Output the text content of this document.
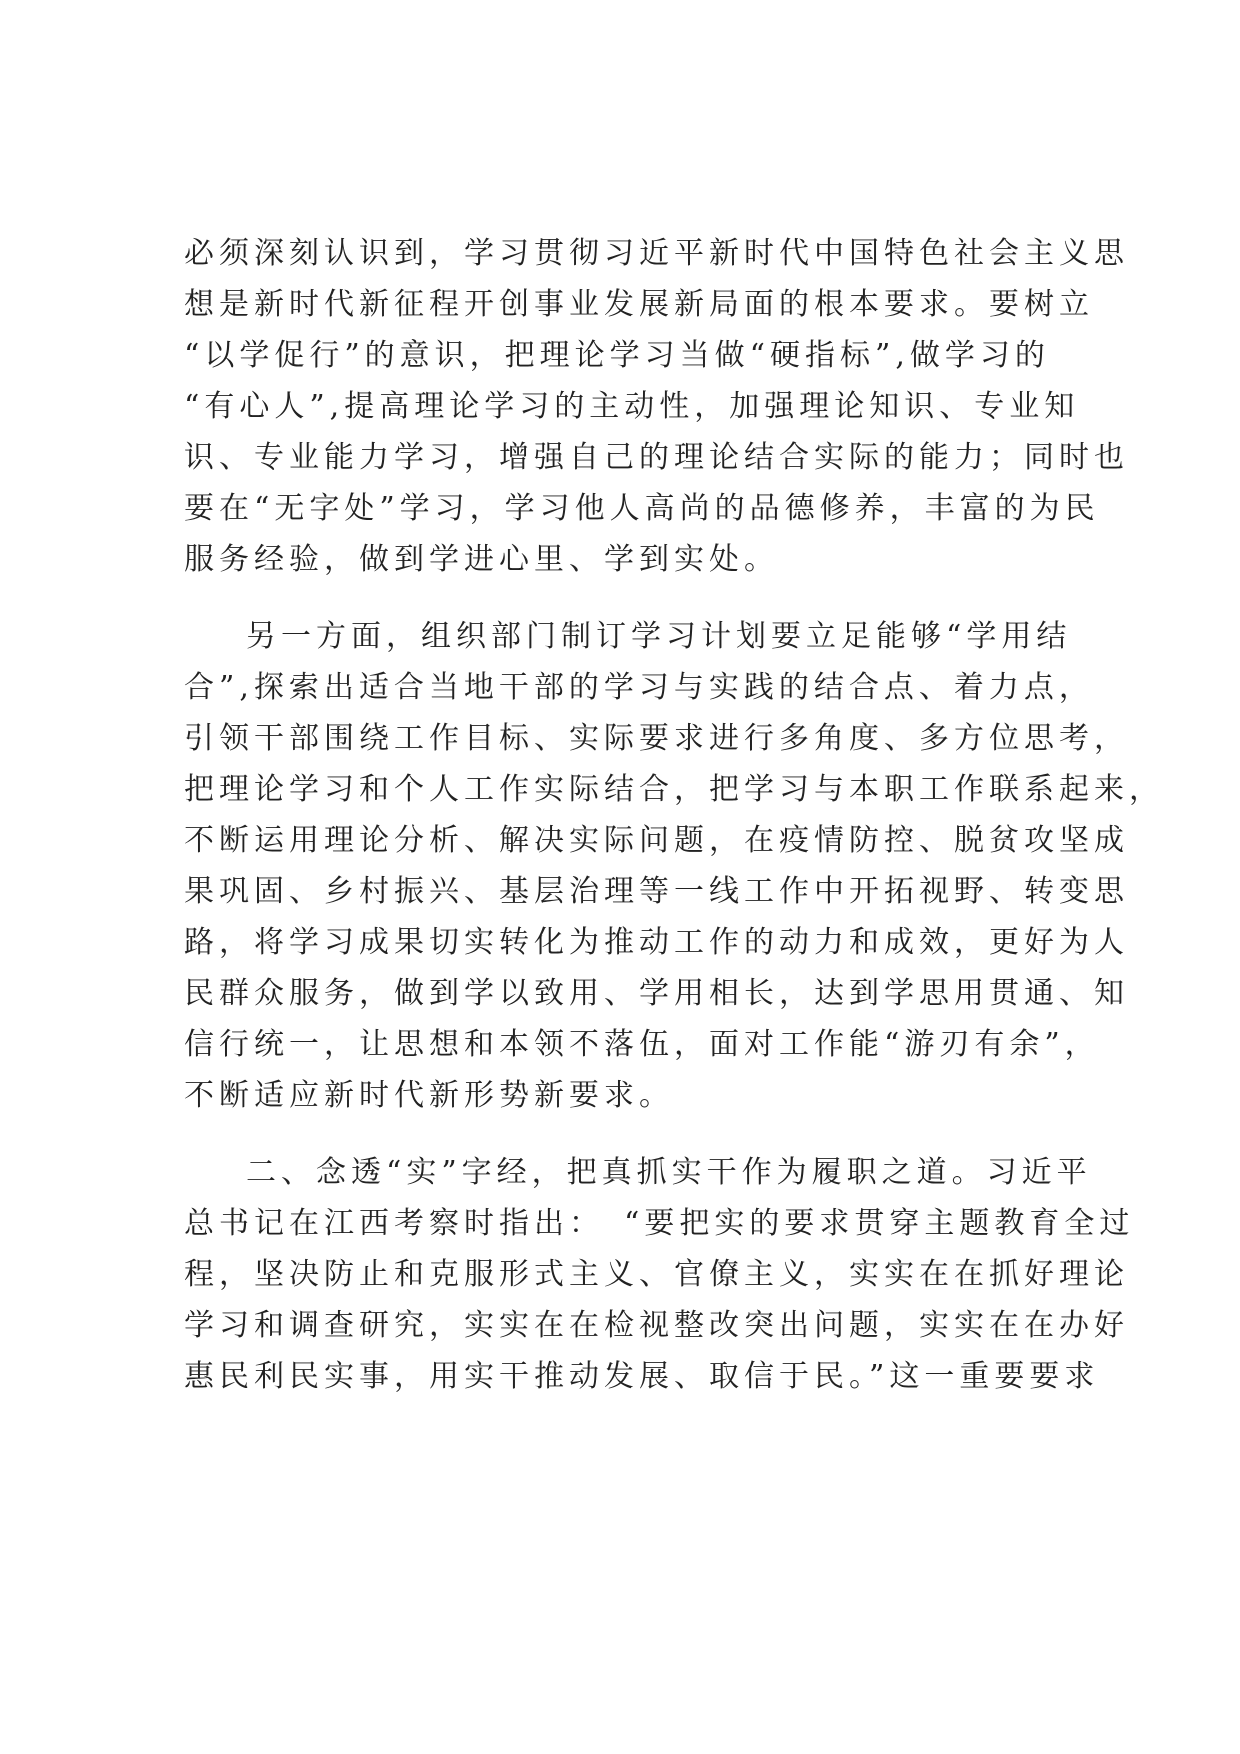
必须深刻认识到，学习贯彻习近平新时代中国特色社会主义思
想是新时代新征程开创事业发展新局面的根本要求。要树立
“以学促行”的意识，把理论学习当做“硬指标”,做学习的
“有心人”,提高理论学习的主动性，加强理论知识、专业知
识、专业能力学习，增强自己的理论结合实际的能力；同时也
要在“无字处”学习，学习他人高尚的品德修养，丰富的为民
服务经验，做到学进心里、学到实处。
另一方面，组织部门制订学习计划要立足能够“学用结
合”,探索出适合当地干部的学习与实践的结合点、着力点，
引领干部围绕工作目标、实际要求进行多角度、多方位思考，
把理论学习和个人工作实际结合，把学习与本职工作联系起来，
不断运用理论分析、解决实际问题，在疫情防控、脱贫攻坚成
果巩固、乡村振兴、基层治理等一线工作中开拓视野、转变思
路，将学习成果切实转化为推动工作的动力和成效，更好为人
民群众服务，做到学以致用、学用相长，达到学思用贯通、知
信行统一，让思想和本领不落伍，面对工作能“游刃有余”，
不断适应新时代新形势新要求。
二、念透“实”字经，把真抓实干作为履职之道。习近平
总书记在江西考察时指出：　“要把实的要求贯穿主题教育全过
程，坚决防止和克服形式主义、官僚主义，实实在在抓好理论
学习和调查研究，实实在在检视整改突出问题，实实在在办好
惠民利民实事，用实干推动发展、取信于民。”这一重要要求
